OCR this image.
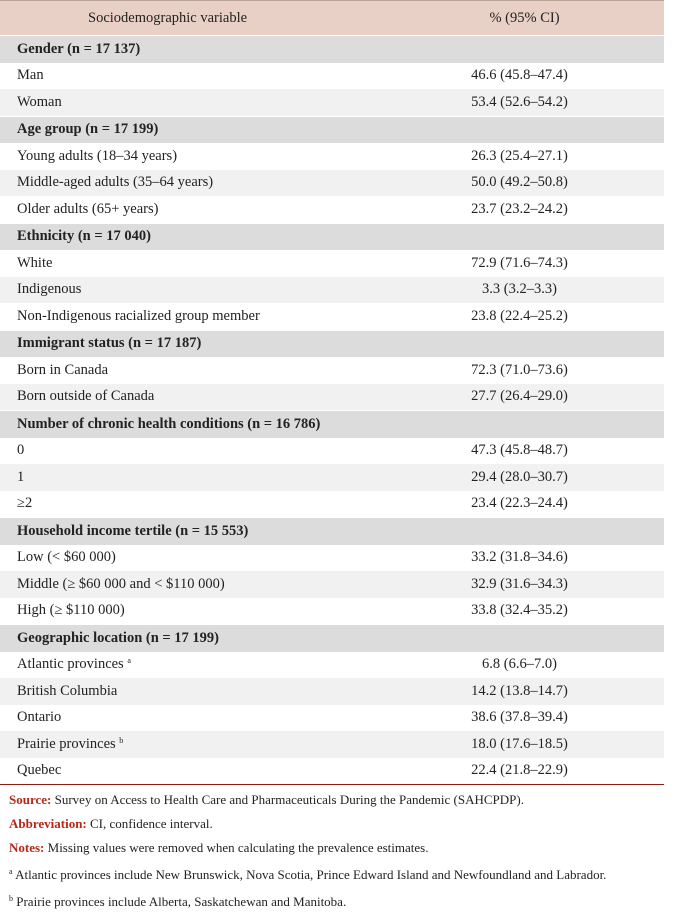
Sociodemographic variable	% (95% CI)
Gender (n = 17 137)	
Man	46.6 (45.8–47.4)
Woman	53.4 (52.6–54.2)
Age group (n = 17 199)	
Young adults (18–34 years)	26.3 (25.4–27.1)
Middle-aged adults (35–64 years)	50.0 (49.2–50.8)
Older adults (65+ years)	23.7 (23.2–24.2)
Ethnicity (n = 17 040)	
White	72.9 (71.6–74.3)
Indigenous	3.3 (3.2–3.3)
Non-Indigenous racialized group member	23.8 (22.4–25.2)
Immigrant status (n = 17 187)	
Born in Canada	72.3 (71.0–73.6)
Born outside of Canada	27.7 (26.4–29.0)
Number of chronic health conditions (n = 16 786)	
0	47.3 (45.8–48.7)
1	29.4 (28.0–30.7)
≥2	23.4 (22.3–24.4)
Household income tertile (n = 15 553)	
Low (< $60 000)	33.2 (31.8–34.6)
Middle (≥ $60 000 and < $110 000)	32.9 (31.6–34.3)
High (≥ $110 000)	33.8 (32.4–35.2)
Geographic location (n = 17 199)	
Atlantic provinces $^a$	6.8 (6.6–7.0)
British Columbia	14.2 (13.8–14.7)
Ontario	38.6 (37.8–39.4)
Prairie provinces $^b$	18.0 (17.6–18.5)
Quebec	22.4 (21.8–22.9)

Source: Survey on Access to Health Care and Pharmaceuticals During the Pandemic (SAHCPDP).

Abbreviation: CI, confidence interval.

Notes: Missing values were removed when calculating the prevalence estimates.

$^a$ Atlantic provinces include New Brunswick, Nova Scotia, Prince Edward Island and Newfoundland and Labrador.

$^b$ Prairie provinces include Alberta, Saskatchewan and Manitoba.
